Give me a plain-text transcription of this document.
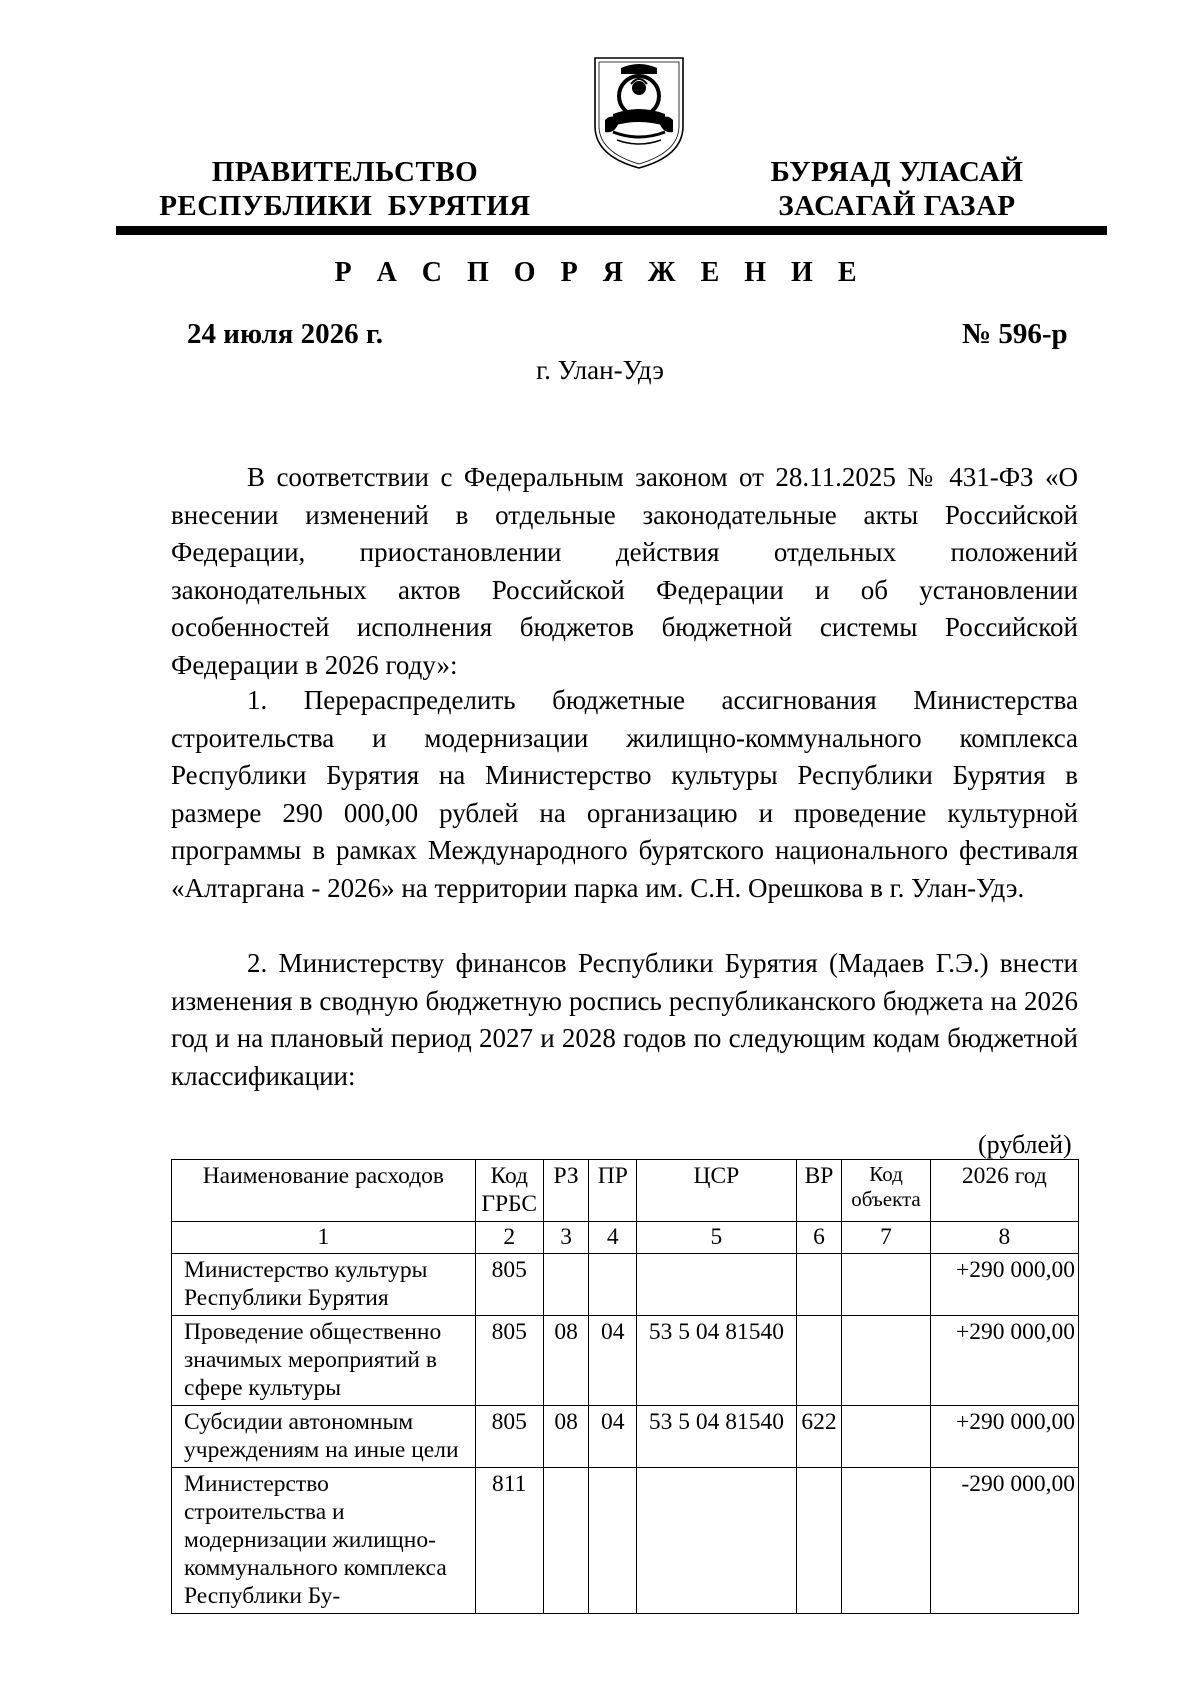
ПРАВИТЕЛЬСТВО
РЕСПУБЛИКИ  БУРЯТИЯ
БУРЯАД УЛАСАЙ
ЗАСАГАЙ ГАЗАР
Р А С П О Р Я Ж Е Н И Е
24 июля 2026 г.	№ 596-р
г. Улан-Удэ
В соответствии с Федеральным законом от 28.11.2025 № 431-ФЗ «О внесении изменений в отдельные законодательные акты Российской Федерации, приостановлении действия отдельных положений законодательных актов Российской Федерации и об установлении особенностей исполнения бюджетов бюджетной системы Российской Федерации в 2026 году»:
1. Перераспределить бюджетные ассигнования Министерства строительства и модернизации жилищно-коммунального комплекса Республики Бурятия на Министерство культуры Республики Бурятия в размере 290 000,00 рублей на организацию и проведение культурной программы в рамках Международного бурятского национального фестиваля «Алтаргана - 2026» на территории парка им. С.Н. Орешкова в г. Улан-Удэ.
2. Министерству финансов Республики Бурятия (Мадаев Г.Э.) внести изменения в сводную бюджетную роспись республиканского бюджета на 2026 год и на плановый период 2027 и 2028 годов по следующим кодам бюджетной классификации:
(рублей)
Наименование расходов	Код ГРБС	РЗ	ПР	ЦСР	ВР	Код объекта	2026 год
1	2	3	4	5	6	7	8
Министерство культуры Республики Бурятия	805						+290 000,00
Проведение общественно значимых мероприятий в сфере культуры	805	08	04	53 5 04 81540			+290 000,00
Субсидии автономным учреждениям на иные цели	805	08	04	53 5 04 81540	622		+290 000,00
Министерство строительства и модернизации жилищно-коммунального комплекса Республики Бу-	811						-290 000,00
